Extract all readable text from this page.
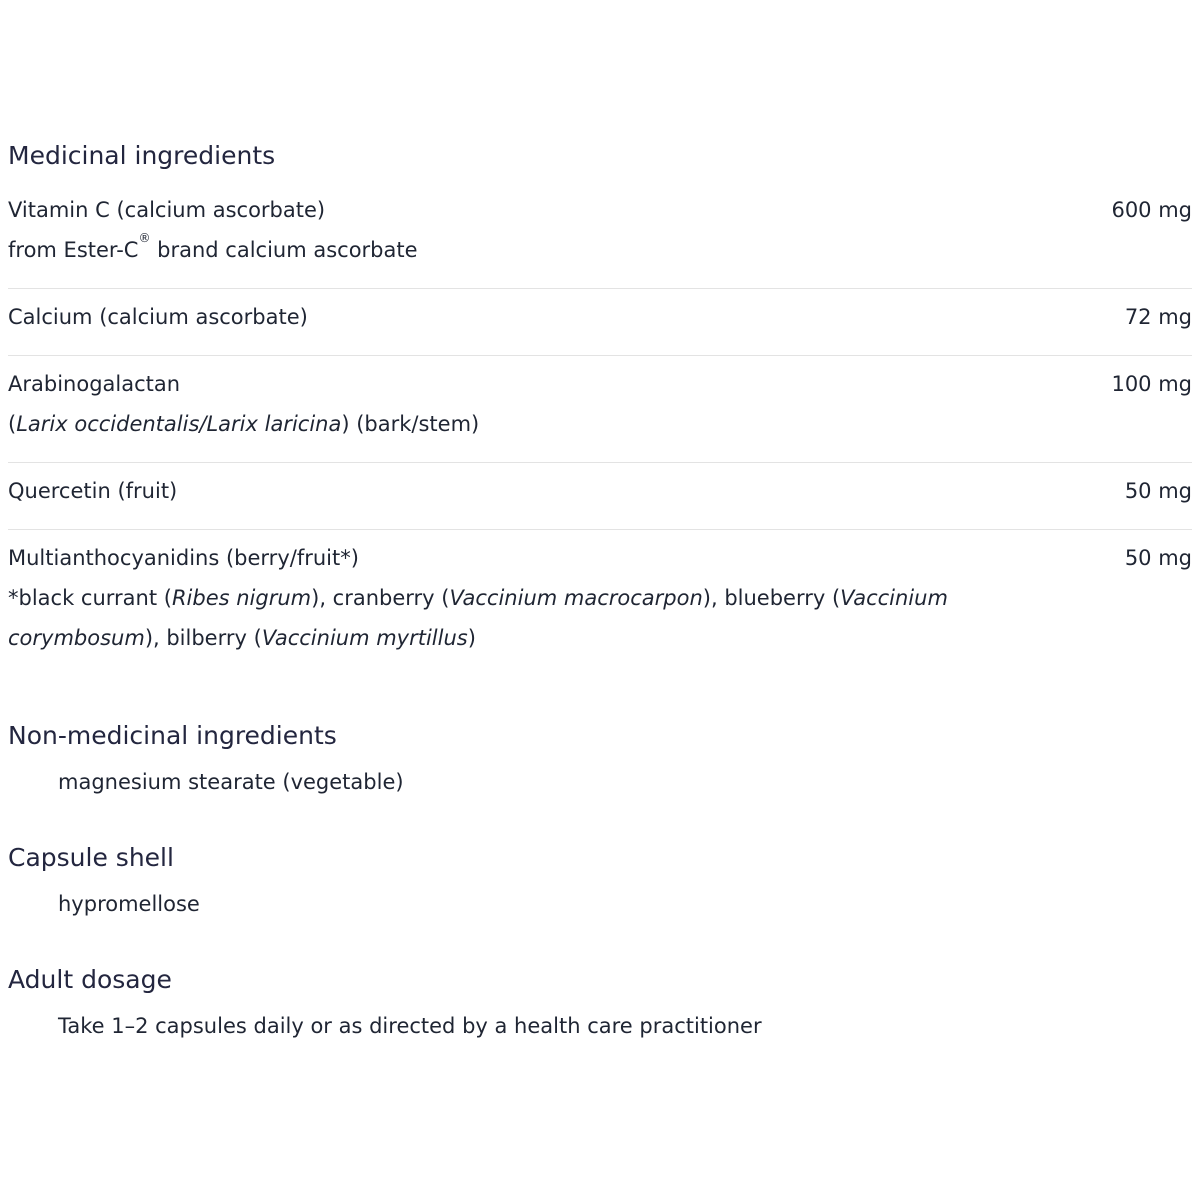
Medicinal ingredients
Vitamin C (calcium ascorbate)
from Ester-C® brand calcium ascorbate
600 mg
Calcium (calcium ascorbate)	72 mg
Arabinogalactan
(Larix occidentalis/Larix laricina) (bark/stem)
100 mg
Quercetin (fruit)	50 mg
Multianthocyanidins (berry/fruit*)
*black currant (Ribes nigrum), cranberry (Vaccinium macrocarpon), blueberry (Vaccinium corymbosum), bilberry (Vaccinium myrtillus)
50 mg
Non-medicinal ingredients
magnesium stearate (vegetable)
Capsule shell
hypromellose
Adult dosage
Take 1–2 capsules daily or as directed by a health care practitioner
